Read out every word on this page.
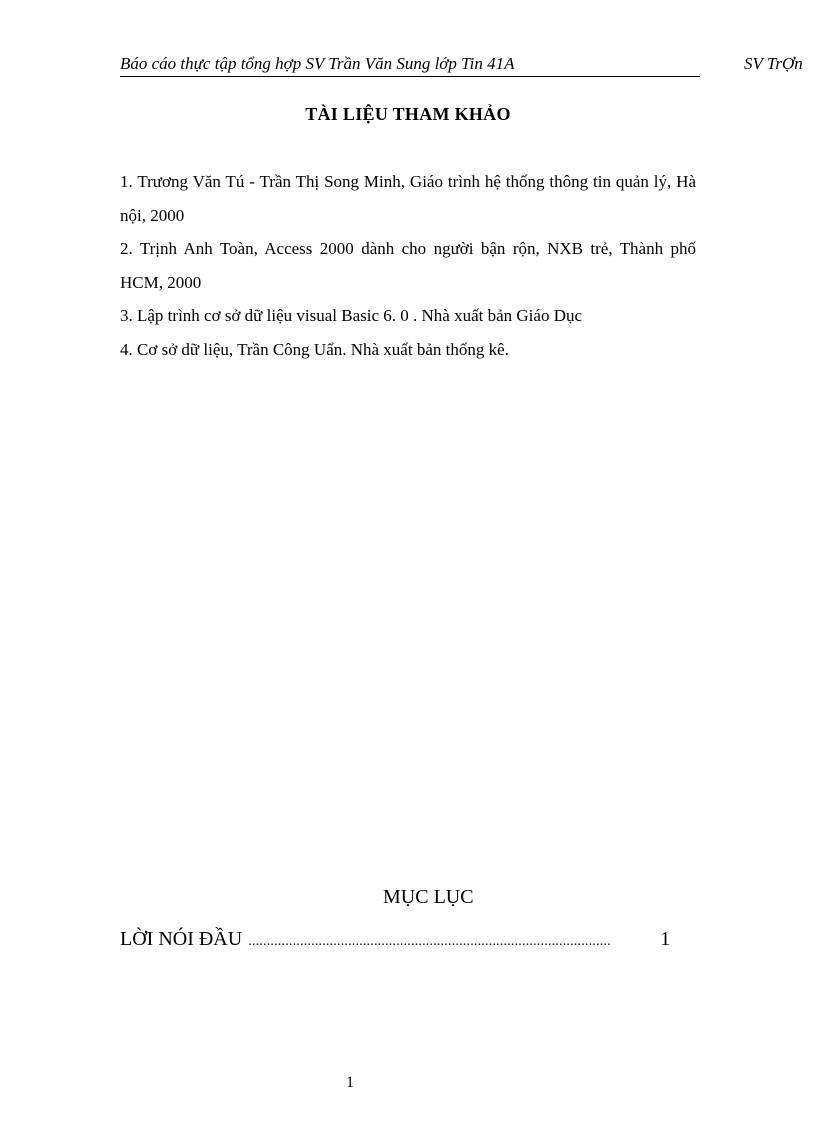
Báo cáo thực tập tổng hợp SV Trần Văn Sung lớp Tin 41A	SV TrỢn
TÀI LIỆU THAM KHẢO

1. Trương Văn Tú - Trần Thị Song Minh, Giáo trình hệ thống thông tin quản lý, Hà nội, 2000

2. Trịnh Anh Toàn, Access 2000 dành cho người bận rộn, NXB trẻ, Thành phố HCM, 2000

3. Lập trình cơ sở dữ liệu visual Basic 6. 0 . Nhà xuất bản Giáo Dục

4. Cơ sở dữ liệu, Trần Công Uẩn. Nhà xuất bản thống kê.

MỤC LỤC
LỜI NÓI ĐẦU ..................................................................................................	1
1
